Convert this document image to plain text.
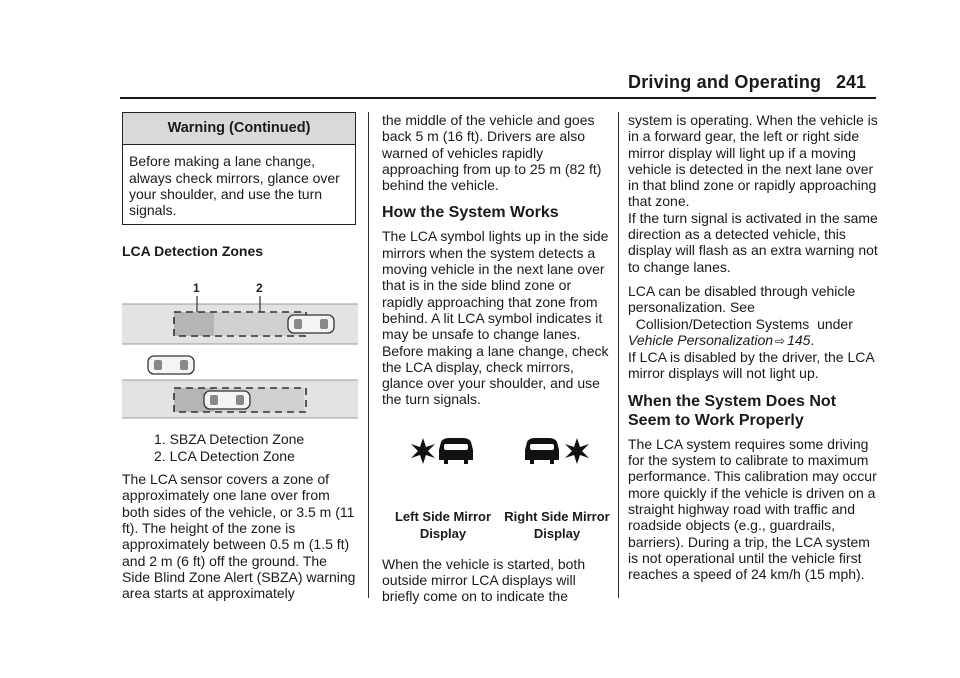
Driving and Operating 241
Warning (Continued)
Before making a lane change, always check mirrors, glance over your shoulder, and use the turn signals.
LCA Detection Zones
1	2
1. SBZA Detection Zone
2. LCA Detection Zone

The LCA sensor covers a zone of approximately one lane over from both sides of the vehicle, or 3.5 m (11 ft). The height of the zone is approximately between 0.5 m (1.5 ft) and 2 m (6 ft) off the ground. The Side Blind Zone Alert (SBZA) warning area starts at approximately

the middle of the vehicle and goes back 5 m (16 ft). Drivers are also warned of vehicles rapidly approaching from up to 25 m (82 ft) behind the vehicle.

How the System Works

The LCA symbol lights up in the side mirrors when the system detects a moving vehicle in the next lane over that is in the side blind zone or rapidly approaching that zone from behind. A lit LCA symbol indicates it may be unsafe to change lanes. Before making a lane change, check the LCA display, check mirrors, glance over your shoulder, and use the turn signals.

Left Side Mirror Display
Right Side Mirror Display

When the vehicle is started, both outside mirror LCA displays will briefly come on to indicate the

system is operating. When the vehicle is in a forward gear, the left or right side mirror display will light up if a moving vehicle is detected in the next lane over in that blind zone or rapidly approaching that zone.

If the turn signal is activated in the same direction as a detected vehicle, this display will flash as an extra warning not to change lanes.

LCA can be disabled through vehicle personalization. See
Collision/Detection Systems  under
Vehicle Personalization ⇨ 145.

If LCA is disabled by the driver, the LCA mirror displays will not light up.

When the System Does Not Seem to Work Properly

The LCA system requires some driving for the system to calibrate to maximum performance. This calibration may occur more quickly if the vehicle is driven on a straight highway road with traffic and roadside objects (e.g., guardrails, barriers). During a trip, the LCA system is not operational until the vehicle first reaches a speed of 24 km/h (15 mph).
